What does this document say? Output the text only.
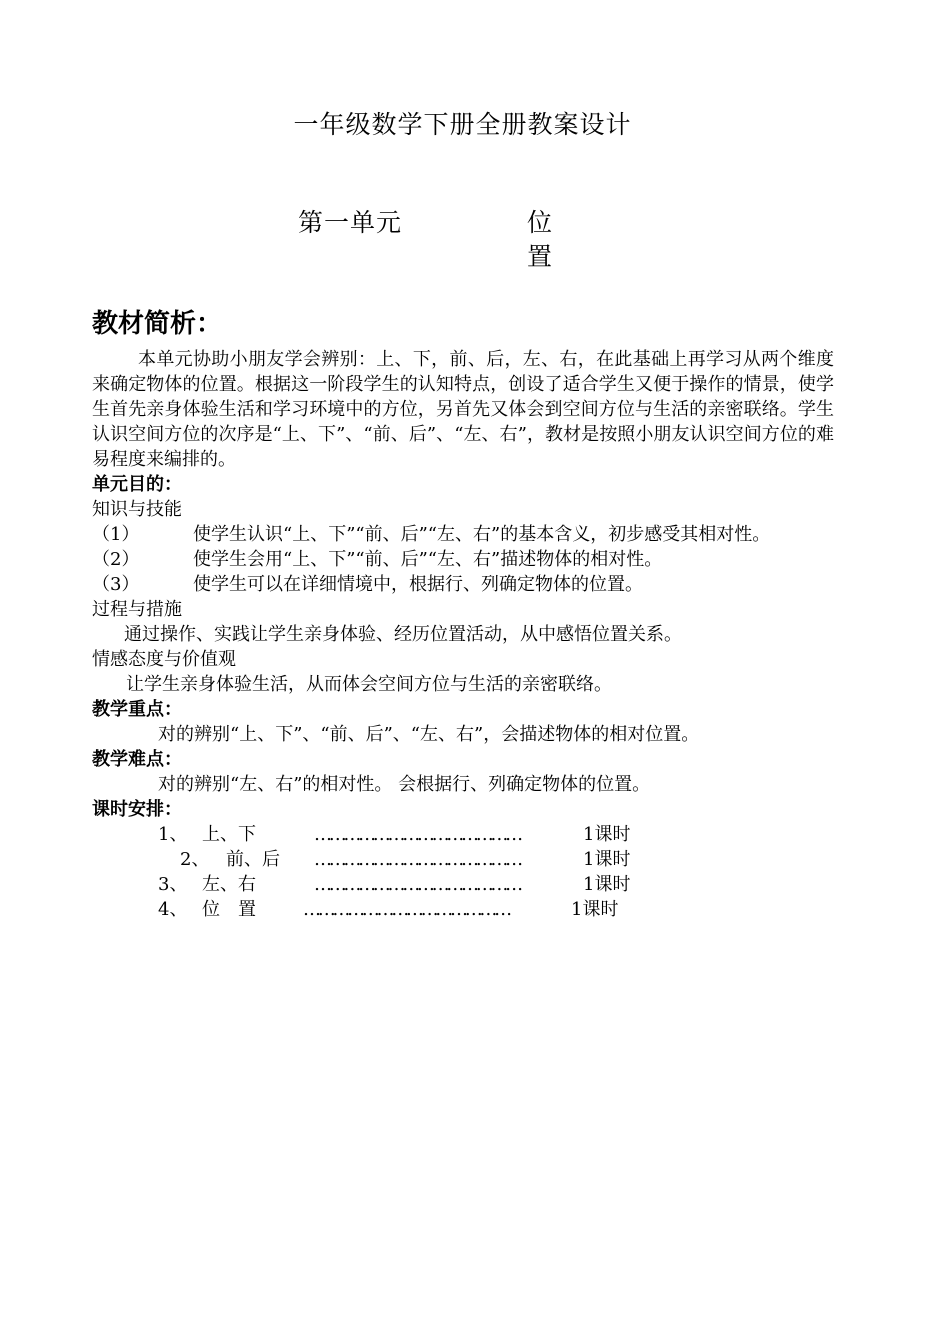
一年级数学下册全册教案设计
第一单元	位置
教材简析：

本单元协助小朋友学会辨别：上、下，前、后，左、右，在此基础上再学习从两个维度来确定物体的位置。根据这一阶段学生的认知特点，创设了适合学生又便于操作的情景，使学生首先亲身体验生活和学习环境中的方位，另首先又体会到空间方位与生活的亲密联络。学生认识空间方位的次序是“上、下”、“前、后”、“左、右”，教材是按照小朋友认识空间方位的难易程度来编排的。

单元目的：

知识与技能

（1）	使学生认识“上、下”“前、后”“左、右”的基本含义，初步感受其相对性。

（2）	使学生会用“上、下”“前、后”“左、右”描述物体的相对性。

（3）	使学生可以在详细情境中，根据行、列确定物体的位置。

过程与措施

通过操作、实践让学生亲身体验、经历位置活动，从中感悟位置关系。

情感态度与价值观

让学生亲身体验生活，从而体会空间方位与生活的亲密联络。

教学重点：

对的辨别“上、下”、“前、后”、“左、右”，会描述物体的相对位置。

教学难点：

对的辨别“左、右”的相对性。 会根据行、列确定物体的位置。

课时安排：

1、 上、下	……………………………………	1课时
2、 前、后 ……………………………………	1课时
3、 左、右	……………………………………	1课时
4、 位　置	……………………………………	1课时
